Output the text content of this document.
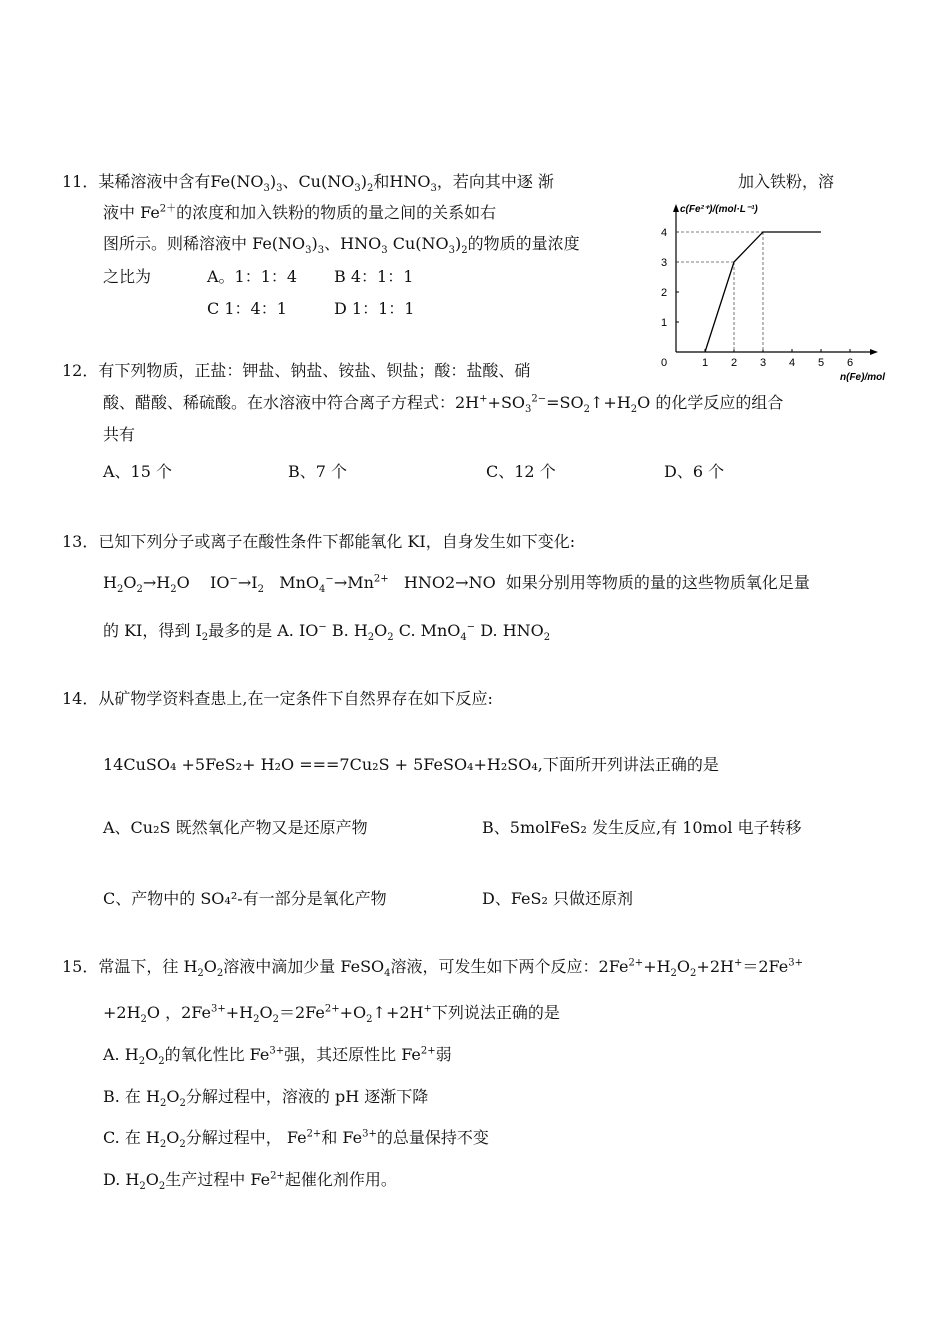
11．某稀溶液中含有$Fe(NO_3)_3$、$Cu(NO_3)_2$和$HNO_3$，若向其中逐 渐	加入铁粉，溶
液中 $Fe^{2+}$的浓度和加入铁粉的物质的量之间的关系如右
图所示。则稀溶液中 $Fe(NO_3)_3$、$HNO_3$ $Cu(NO_3)_2$的物质的量浓度
之比为	A。1：1：4 B 4：1：1
C 1：4：1	D 1：1：1
0	1 2 3 4 5 6
1
2
3
4
c(Fe²⁺)/(mol·L⁻¹)
n(Fe)/mol
12．有下列物质，正盐：钾盐、钠盐、铵盐、钡盐；酸：盐酸、硝
酸、醋酸、稀硫酸。在水溶液中符合离子方程式：$2H^++SO_3^{2-}=SO_2↑+H_2O$ 的化学反应的组合
共有
A、15 个	B、7 个	C、12 个	D、6 个
13．已知下列分子或离子在酸性条件下都能氧化 KI，自身发生如下变化:
$H_2O_2\to H_2O$ $IO^-\to I_2$ $MnO_4^-\to Mn^{2+}$ HNO2→NO 如果分别用等物质的量的这些物质氧化足量
的 KI，得到 $I_2$最多的是 A. IO− B. $H_2O_2$ C. MnO$_4$− D. $HNO_2$
14．从矿物学资料查患上,在一定条件下自然界存在如下反应:
14CuSO₄ +5FeS₂+ H₂O ===7Cu₂S + 5FeSO₄+H₂SO₄,下面所开列讲法正确的是
A、Cu₂S 既然氧化产物又是还原产物	B、5molFeS₂ 发生反应,有 10mol 电子转移
C、产物中的 SO₄²-有一部分是氧化产物	D、FeS₂ 只做还原剂
15．常温下，往 $H_2O_2$溶液中滴加少量 FeSO$_4$溶液，可发生如下两个反应：$2Fe^{2+}+H_2O_2+2H^+=2Fe^{3+}$
$+2H_2O$ ，$2Fe^{3+}+H_2O_2=2Fe^{2+}+O_2↑+2H^+$下列说法正确的是
A. $H_2O_2$的氧化性比 $Fe^{3+}$强，其还原性比 $Fe^{2+}$弱
B. 在 $H_2O_2$分解过程中，溶液的 pH 逐渐下降
C. 在 $H_2O_2$分解过程中， $Fe^{2+}$和 $Fe^{3+}$的总量保持不变
D. $H_2O_2$生产过程中 $Fe^{2+}$起催化剂作用。
